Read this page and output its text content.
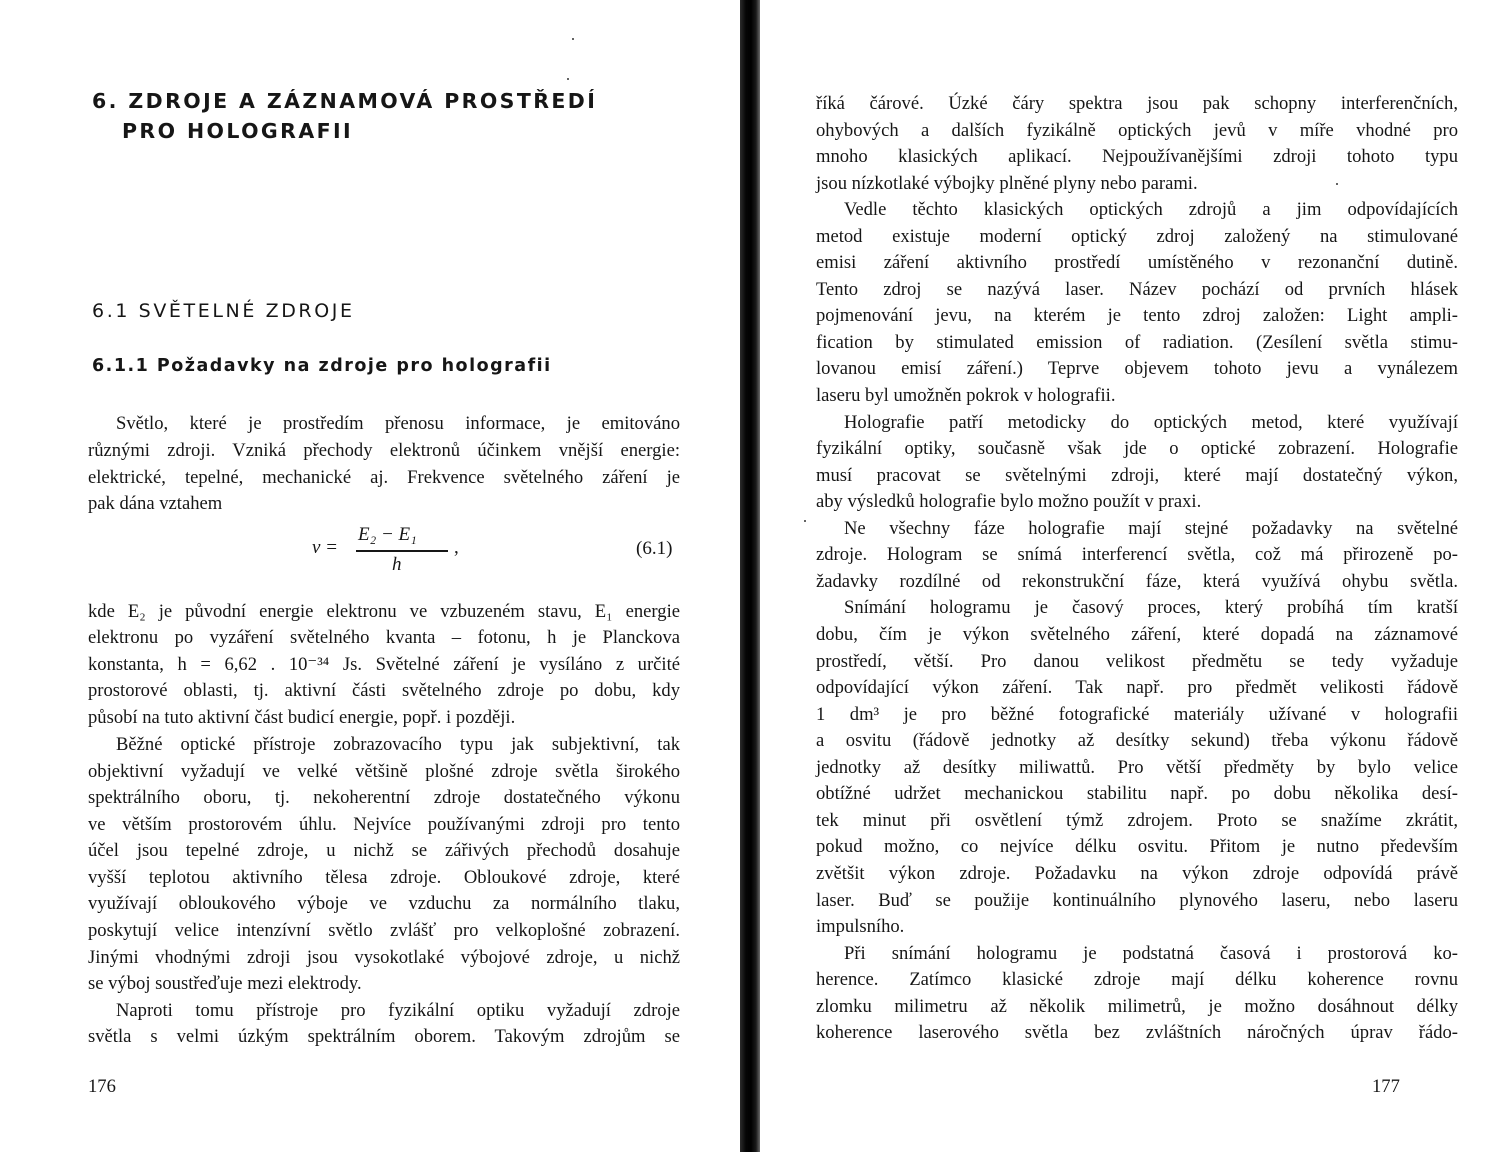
6. ZDROJE A ZÁZNAMOVÁ PROSTŘEDÍ
PRO HOLOGRAFII
6.1 SVĚTELNÉ ZDROJE
6.1.1 Požadavky na zdroje pro holografii
Světlo, které je prostředím přenosu informace, je emitováno
různými zdroji. Vzniká přechody elektronů účinkem vnější energie:
elektrické, tepelné, mechanické aj. Frekvence světelného záření je
pak dána vztahem
ν =
E₂ − E₁
h
,	(6.1)
kde E₂ je původní energie elektronu ve vzbuzeném stavu, E₁ energie
elektronu po vyzáření světelného kvanta – fotonu, h je Planckova
konstanta, h = 6,62 . 10⁻³⁴ Js. Světelné záření je vysíláno z určité
prostorové oblasti, tj. aktivní části světelného zdroje po dobu, kdy
působí na tuto aktivní část budicí energie, popř. i později.
Běžné optické přístroje zobrazovacího typu jak subjektivní, tak
objektivní vyžadují ve velké většině plošné zdroje světla širokého
spektrálního oboru, tj. nekoherentní zdroje dostatečného výkonu
ve větším prostorovém úhlu. Nejvíce používanými zdroji pro tento
účel jsou tepelné zdroje, u nichž se zářivých přechodů dosahuje
vyšší teplotou aktivního tělesa zdroje. Obloukové zdroje, které
využívají obloukového výboje ve vzduchu za normálního tlaku,
poskytují velice intenzívní světlo zvlášť pro velkoplošné zobrazení.
Jinými vhodnými zdroji jsou vysokotlaké výbojové zdroje, u nichž
se výboj soustřeďuje mezi elektrody.
Naproti tomu přístroje pro fyzikální optiku vyžadují zdroje
světla s velmi úzkým spektrálním oborem. Takovým zdrojům se
176
říká čárové. Úzké čáry spektra jsou pak schopny interferenčních,
ohybových a dalších fyzikálně optických jevů v míře vhodné pro
mnoho klasických aplikací. Nejpoužívanějšími zdroji tohoto typu
jsou nízkotlaké výbojky plněné plyny nebo parami.
Vedle těchto klasických optických zdrojů a jim odpovídajících
metod existuje moderní optický zdroj založený na stimulované
emisi záření aktivního prostředí umístěného v rezonanční dutině.
Tento zdroj se nazývá laser. Název pochází od prvních hlásek
pojmenování jevu, na kterém je tento zdroj založen: Light ampli-
fication by stimulated emission of radiation. (Zesílení světla stimu-
lovanou emisí záření.) Teprve objevem tohoto jevu a vynálezem
laseru byl umožněn pokrok v holografii.
Holografie patří metodicky do optických metod, které využívají
fyzikální optiky, současně však jde o optické zobrazení. Holografie
musí pracovat se světelnými zdroji, které mají dostatečný výkon,
aby výsledků holografie bylo možno použít v praxi.
Ne všechny fáze holografie mají stejné požadavky na světelné
zdroje. Hologram se snímá interferencí světla, což má přirozeně po-
žadavky rozdílné od rekonstrukční fáze, která využívá ohybu světla.
Snímání hologramu je časový proces, který probíhá tím kratší
dobu, čím je výkon světelného záření, které dopadá na záznamové
prostředí, větší. Pro danou velikost předmětu se tedy vyžaduje
odpovídající výkon záření. Tak např. pro předmět velikosti řádově
1 dm³ je pro běžné fotografické materiály užívané v holografii
a osvitu (řádově jednotky až desítky sekund) třeba výkonu řádově
jednotky až desítky miliwattů. Pro větší předměty by bylo velice
obtížné udržet mechanickou stabilitu např. po dobu několika desí-
tek minut při osvětlení týmž zdrojem. Proto se snažíme zkrátit,
pokud možno, co nejvíce délku osvitu. Přitom je nutno především
zvětšit výkon zdroje. Požadavku na výkon zdroje odpovídá právě
laser. Buď se použije kontinuálního plynového laseru, nebo laseru
impulsního.
Při snímání hologramu je podstatná časová i prostorová ko-
herence. Zatímco klasické zdroje mají délku koherence rovnu
zlomku milimetru až několik milimetrů, je možno dosáhnout délky
koherence laserového světla bez zvláštních náročných úprav řádo-
177
